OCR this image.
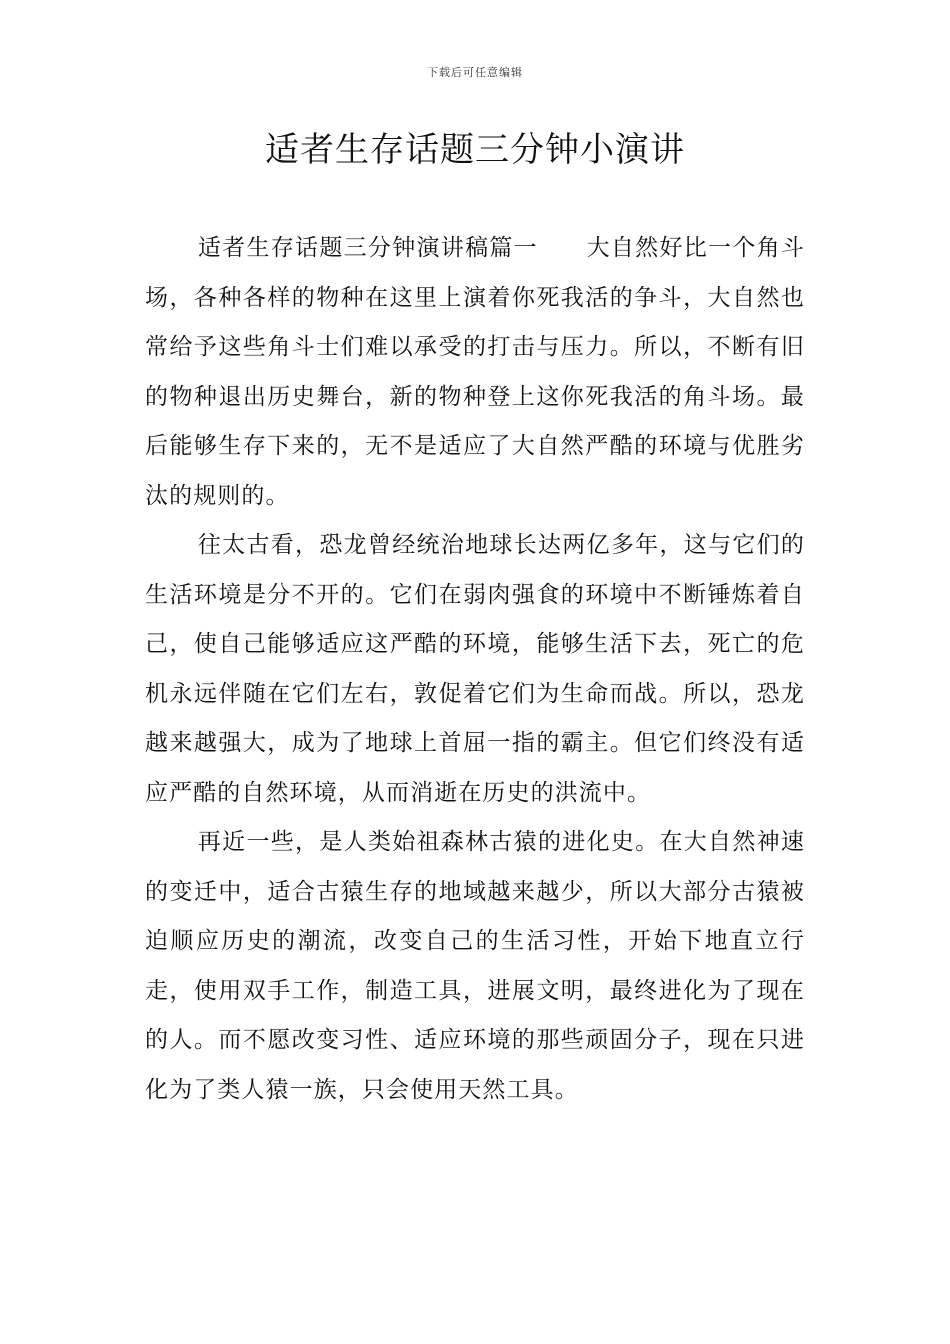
下载后可任意编辑
适者生存话题三分钟小演讲

适者生存话题三分钟演讲稿篇一　　大自然好比一个角斗场，各种各样的物种在这里上演着你死我活的争斗，大自然也常给予这些角斗士们难以承受的打击与压力。所以，不断有旧的物种退出历史舞台，新的物种登上这你死我活的角斗场。最后能够生存下来的，无不是适应了大自然严酷的环境与优胜劣汰的规则的。

往太古看，恐龙曾经统治地球长达两亿多年，这与它们的生活环境是分不开的。它们在弱肉强食的环境中不断锤炼着自己，使自己能够适应这严酷的环境，能够生活下去，死亡的危机永远伴随在它们左右，敦促着它们为生命而战。所以，恐龙越来越强大，成为了地球上首屈一指的霸主。但它们终没有适应严酷的自然环境，从而消逝在历史的洪流中。

再近一些，是人类始祖森林古猿的进化史。在大自然神速的变迁中，适合古猿生存的地域越来越少，所以大部分古猿被迫顺应历史的潮流，改变自己的生活习性，开始下地直立行走，使用双手工作，制造工具，进展文明，最终进化为了现在的人。而不愿改变习性、适应环境的那些顽固分子，现在只进化为了类人猿一族，只会使用天然工具。
